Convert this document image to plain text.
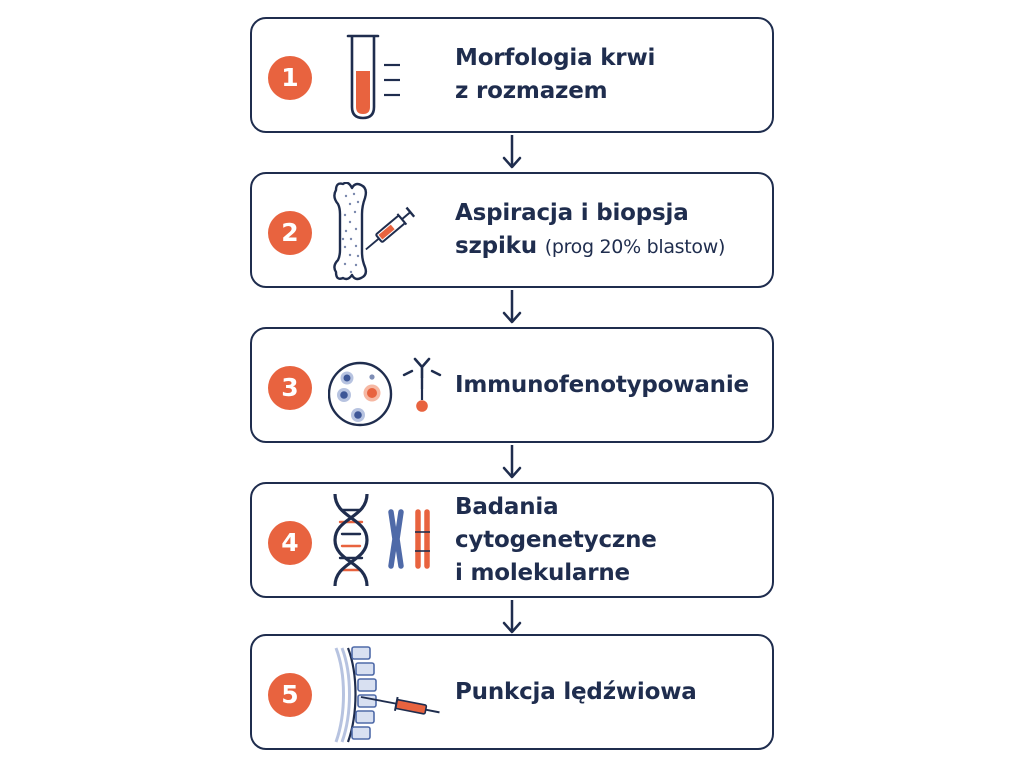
1
Morfologia krwi
z rozmazem
2
Aspiracja i biopsja
szpiku (prog 20% blastow)
3	Immunofenotypowanie
4
Badania cytogenetyczne
i molekularne
5	Punkcja lędźwiowa
